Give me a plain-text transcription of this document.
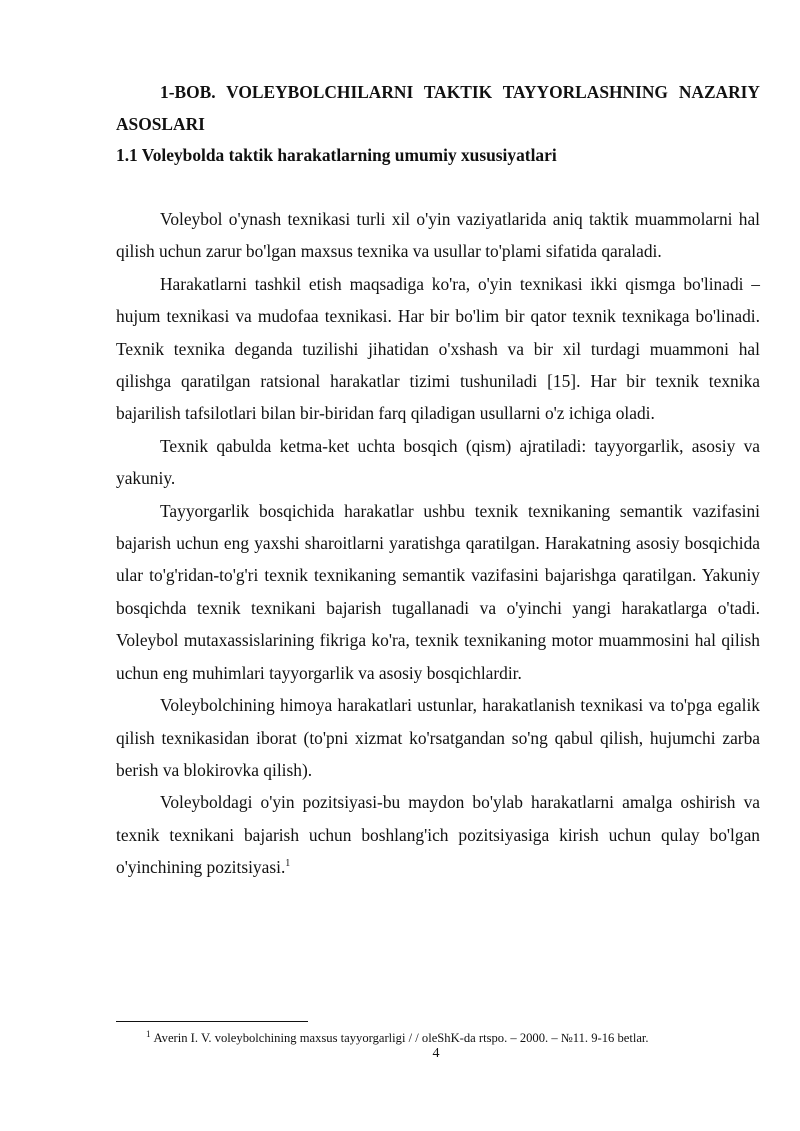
1-BOB. VOLEYBOLCHILARNI TAKTIK TAYYORLASHNING NAZARIY ASOSLARI

1.1 Voleybolda taktik harakatlarning umumiy xususiyatlari

Voleybol o'ynash texnikasi turli xil o'yin vaziyatlarida aniq taktik muammolarni hal qilish uchun zarur bo'lgan maxsus texnika va usullar to'plami sifatida qaraladi.

Harakatlarni tashkil etish maqsadiga ko'ra, o'yin texnikasi ikki qismga bo'linadi – hujum texnikasi va mudofaa texnikasi. Har bir bo'lim bir qator texnik texnikaga bo'linadi. Texnik texnika deganda tuzilishi jihatidan o'xshash va bir xil turdagi muammoni hal qilishga qaratilgan ratsional harakatlar tizimi tushuniladi [15]. Har bir texnik texnika bajarilish tafsilotlari bilan bir-biridan farq qiladigan usullarni o'z ichiga oladi.

Texnik qabulda ketma-ket uchta bosqich (qism) ajratiladi: tayyorgarlik, asosiy va yakuniy.

Tayyorgarlik bosqichida harakatlar ushbu texnik texnikaning semantik vazifasini bajarish uchun eng yaxshi sharoitlarni yaratishga qaratilgan. Harakatning asosiy bosqichida ular to'g'ridan-to'g'ri texnik texnikaning semantik vazifasini bajarishga qaratilgan. Yakuniy bosqichda texnik texnikani bajarish tugallanadi va o'yinchi yangi harakatlarga o'tadi. Voleybol mutaxassislarining fikriga ko'ra, texnik texnikaning motor muammosini hal qilish uchun eng muhimlari tayyorgarlik va asosiy bosqichlardir.

Voleybolchining himoya harakatlari ustunlar, harakatlanish texnikasi va to'pga egalik qilish texnikasidan iborat (to'pni xizmat ko'rsatgandan so'ng qabul qilish, hujumchi zarba berish va blokirovka qilish).

Voleyboldagi o'yin pozitsiyasi-bu maydon bo'ylab harakatlarni amalga oshirish va texnik texnikani bajarish uchun boshlang'ich pozitsiyasiga kirish uchun qulay bo'lgan o'yinchining pozitsiyasi.$^1$

$^1$ Averin I. V. voleybolchining maxsus tayyorgarligi / / oleShK-da rtspo. – 2000. – №11. 9-16 betlar.

4
